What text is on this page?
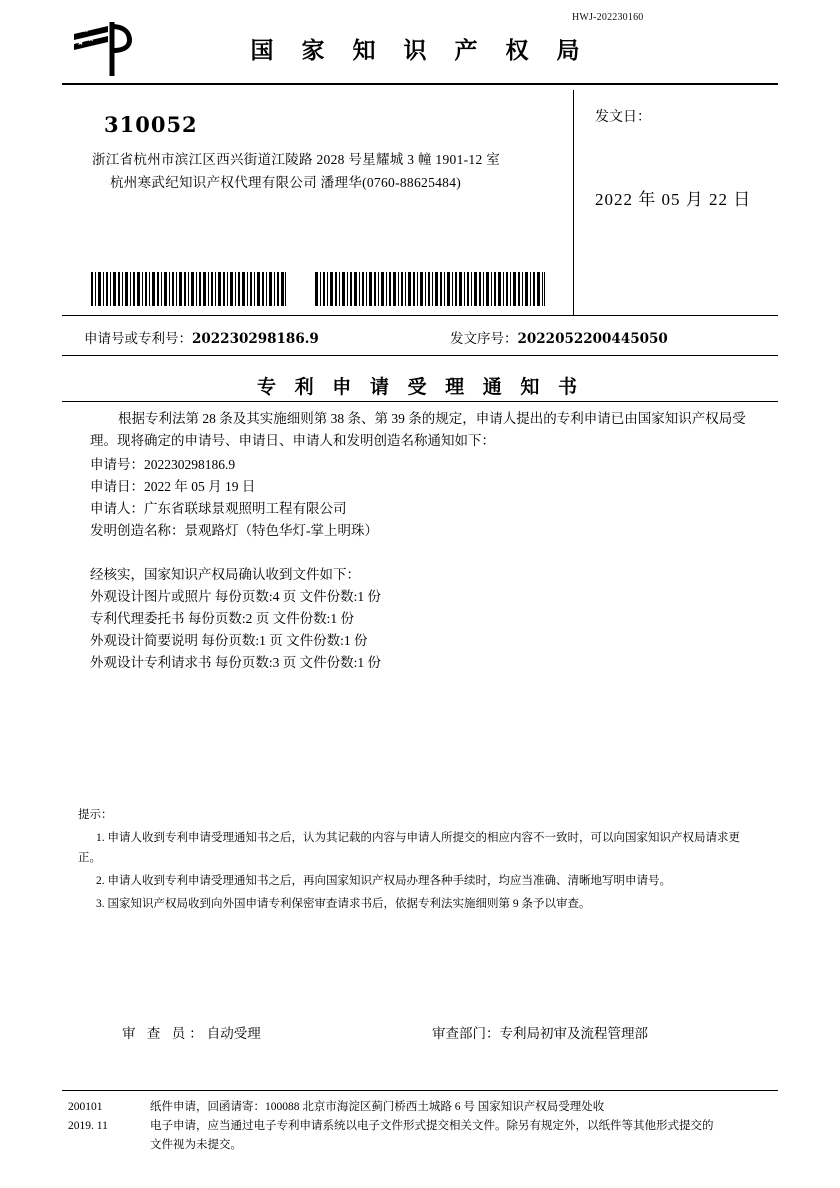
HWJ-202230160
国 家 知 识 产 权 局
310052
浙江省杭州市滨江区西兴街道江陵路 2028 号星耀城 3 幢 1901-12 室
杭州寒武纪知识产权代理有限公司 潘理华(0760-88625484)
发文日：
2022 年 05 月 22 日
申请号或专利号：202230298186.9	发文序号：2022052200445050
专 利 申 请 受 理 通 知 书

根据专利法第 28 条及其实施细则第 38 条、第 39 条的规定，申请人提出的专利申请已由国家知识产权局受理。现将确定的申请号、申请日、申请人和发明创造名称通知如下：

申请号：202230298186.9

申请日：2022 年 05 月 19 日

申请人：广东省联球景观照明工程有限公司

发明创造名称：景观路灯（特色华灯-掌上明珠）

经核实，国家知识产权局确认收到文件如下：

外观设计图片或照片 每份页数:4 页 文件份数:1 份

专利代理委托书 每份页数:2 页 文件份数:1 份

外观设计简要说明 每份页数:1 页 文件份数:1 份

外观设计专利请求书 每份页数:3 页 文件份数:1 份

提示：

1. 申请人收到专利申请受理通知书之后，认为其记载的内容与申请人所提交的相应内容不一致时，可以向国家知识产权局请求更正。

2. 申请人收到专利申请受理通知书之后，再向国家知识产权局办理各种手续时，均应当准确、清晰地写明申请号。

3. 国家知识产权局收到向外国申请专利保密审查请求书后，依据专利法实施细则第 9 条予以审查。

审 查 员：自动受理	审查部门：专利局初审及流程管理部
200101
2019. 11
纸件申请，回函请寄：100088 北京市海淀区蓟门桥西土城路 6 号 国家知识产权局受理处收
电子申请，应当通过电子专利申请系统以电子文件形式提交相关文件。除另有规定外，以纸件等其他形式提交的
文件视为未提交。
